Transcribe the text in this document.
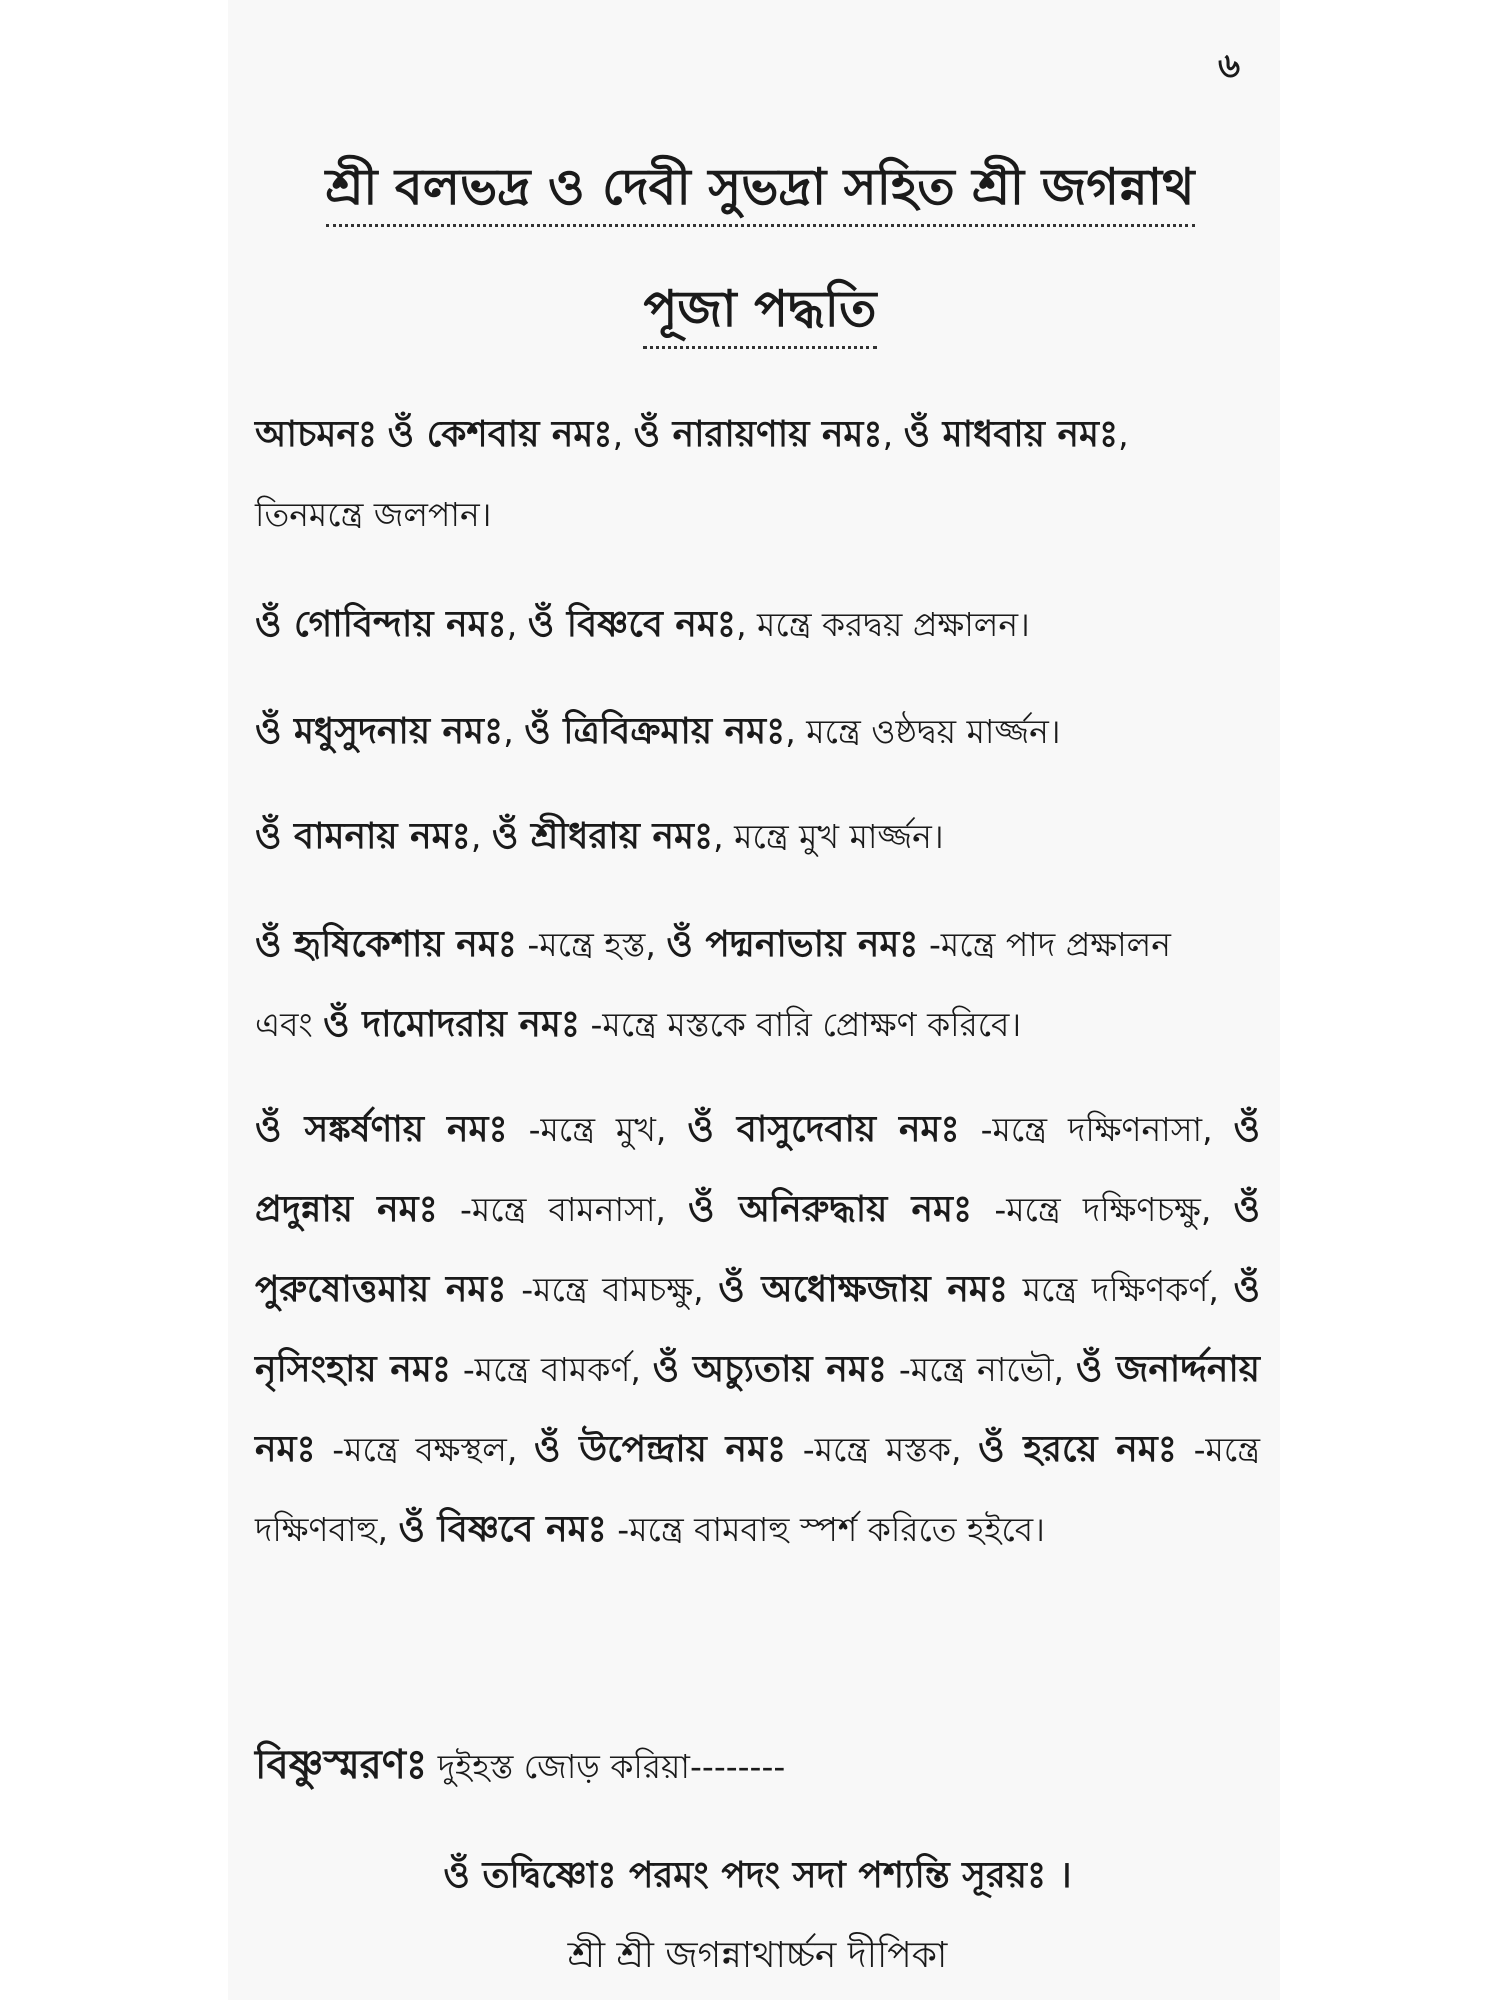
৬
শ্রী বলভদ্র ও দেবী সুভদ্রা সহিত শ্রী জগন্নাথ
পূজা পদ্ধতি
আচমনঃ ওঁ কেশবায় নমঃ, ওঁ নারায়ণায় নমঃ, ওঁ মাধবায় নমঃ,
তিনমন্ত্রে জলপান।
ওঁ গোবিন্দায় নমঃ, ওঁ বিষ্ণবে নমঃ, মন্ত্রে করদ্বয় প্রক্ষালন।
ওঁ মধুসুদনায় নমঃ, ওঁ ত্রিবিক্রমায় নমঃ, মন্ত্রে ওষ্ঠদ্বয় মার্জ্জন।
ওঁ বামনায় নমঃ, ওঁ শ্রীধরায় নমঃ, মন্ত্রে মুখ মার্জ্জন।
ওঁ হৃষিকেশায় নমঃ -মন্ত্রে হস্ত, ওঁ পদ্মনাভায় নমঃ -মন্ত্রে পাদ প্রক্ষালন এবং ওঁ দামোদরায় নমঃ -মন্ত্রে মস্তকে বারি প্রোক্ষণ করিবে।
ওঁ সঙ্কর্ষণায় নমঃ -মন্ত্রে মুখ, ওঁ বাসুদেবায় নমঃ -মন্ত্রে দক্ষিণনাসা, ওঁ প্রদুন্নায় নমঃ -মন্ত্রে বামনাসা, ওঁ অনিরুদ্ধায় নমঃ -মন্ত্রে দক্ষিণচক্ষু, ওঁ পুরুষোত্তমায় নমঃ -মন্ত্রে বামচক্ষু, ওঁ অধোক্ষজায় নমঃ মন্ত্রে দক্ষিণকর্ণ, ওঁ নৃসিংহায় নমঃ -মন্ত্রে বামকর্ণ, ওঁ অচ্যুতায় নমঃ -মন্ত্রে নাভৌ, ওঁ জনার্দ্দনায় নমঃ -মন্ত্রে বক্ষস্থল, ওঁ উপেন্দ্রায় নমঃ -মন্ত্রে মস্তক, ওঁ হরয়ে নমঃ -মন্ত্রে দক্ষিণবাহু, ওঁ বিষ্ণবে নমঃ -মন্ত্রে বামবাহু স্পর্শ করিতে হইবে।
বিষ্ণুস্মরণঃ দুইহস্ত জোড় করিয়া--------
ওঁ তদ্বিষ্ণোঃ পরমং পদং সদা পশ্যন্তি সূরয়ঃ ।
শ্রী শ্রী জগন্নাথার্চ্চন দীপিকা
